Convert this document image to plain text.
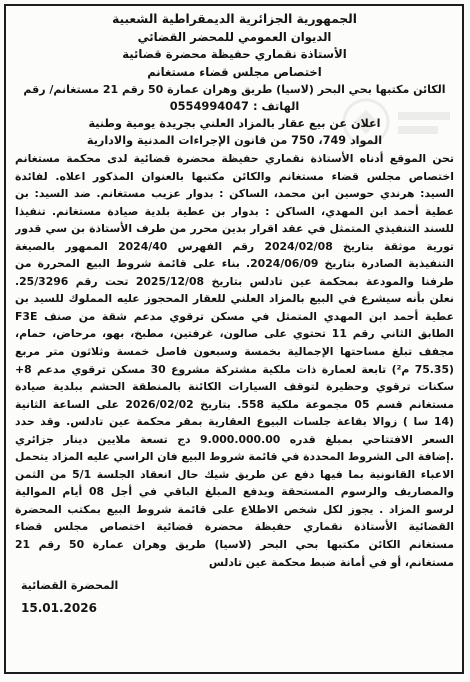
الجمهورية الجزائرية الديمقراطية الشعبية

الديوان العمومي للمحضر القضائي

الأستاذة نقماري حفيظة محضرة قضائية

اختصاص مجلس قضاء مستغانم

الكائن مكتبها بحي البحر (لاسيا) طريق وهران عمارة 50 رقم 21 مستغانم/ رقم

الهاتف : 0554994047

اعلان عن بيع عقار بالمزاد العلني بجريدة يومية وطنية

المواد 749، 750 من قانون الإجراءات المدنية والادارية

تحن الموقع أدناه الأستاذة نقماري حفيظة محضرة قضائية لدى محكمة مستغانم
اختصاص مجلس قضاء مستغانم والكائن مكتبها بالعنوان المذكور اعلاه. لفائدة
السيد: هرندي حوسين ابن محمد، الساكن : بدوار عزيب مستغانم. ضد السيد: بن
عطية أحمد ابن المهدي، الساكن : بدوار بن عطية بلدية صيادة مستغانم. تنفيذا
للسند التنفيذي المتمثل في عقد اقرار بدين محرر من طرف الأستاذة بن سي قدور
تورية موثقة بتاريخ 2024/02/08 رقم الفهرس 2024/40 الممهور بالصيغة
التنفيذية الصادرة بتاريخ 2024/06/09. بناء على قائمة شروط البيع المحررة من
طرفنا والمودعة بمحكمة عين تادلس بتاريخ 2025/12/08 تحت رقم 25/3296.
نعلن بأنه سيشرع في البيع بالمزاد العلني للعقار المحجوز عليه المملوك للسيد بن
عطية أحمد ابن المهدي المتمثل في مسكن ترقوي مدعم شقة من صنف F3E
الطابق الثاني رقم 11 تحتوي على صالون، غرفتين، مطبخ، بهو، مرحاض، حمام،
مجفف تبلغ مساحتها الإجمالية بخمسة وسبعون فاصل خمسة وثلاثون متر مربع
(75.35 م²) تابعة لعمارة ذات ملكية مشتركة مشروع 30 مسكن ترقوي مدعم 8+
سكنات ترقوي وحظيرة لتوقف السيارات الكائنة بالمنطقة الحشم ببلدية صيادة
مستغانم قسم 05 مجموعة ملكية 558. بتاريخ 2026/02/02 على الساعة الثانية
(14 سا ) زوالا بقاعة جلسات البيوع العقارية بمقر محكمة عين تادلس. وقد حدد
السعر الافتتاحي بمبلغ قدره 9.000.000.00 دج تسعة ملايين دينار جزائري
.إضافة الى الشروط المحددة في قائمة شروط البيع فان الراسي عليه المزاد يتحمل
الاعباء القانونية بما فيها دفع عن طريق شيك حال انعقاد الجلسة 5/1 من الثمن
والمصاريف والرسوم المستحقة ويدفع المبلغ الباقي في أجل 08 أيام الموالية
لرسو المزاد . يجوز لكل شخص الاطلاع على قائمة شروط البيع بمكتب المحضرة
القضائية الأستاذة نقماري حفيظة محضرة قضائية اختصاص مجلس قضاء
مستغانم الكائن مكتبها بحي البحر (لاسيا) طريق وهران عمارة 50 رقم 21
مستغانم، أو في أمانة ضبط محكمة عين تادلس
المحضرة القضائية
15.01.2026
